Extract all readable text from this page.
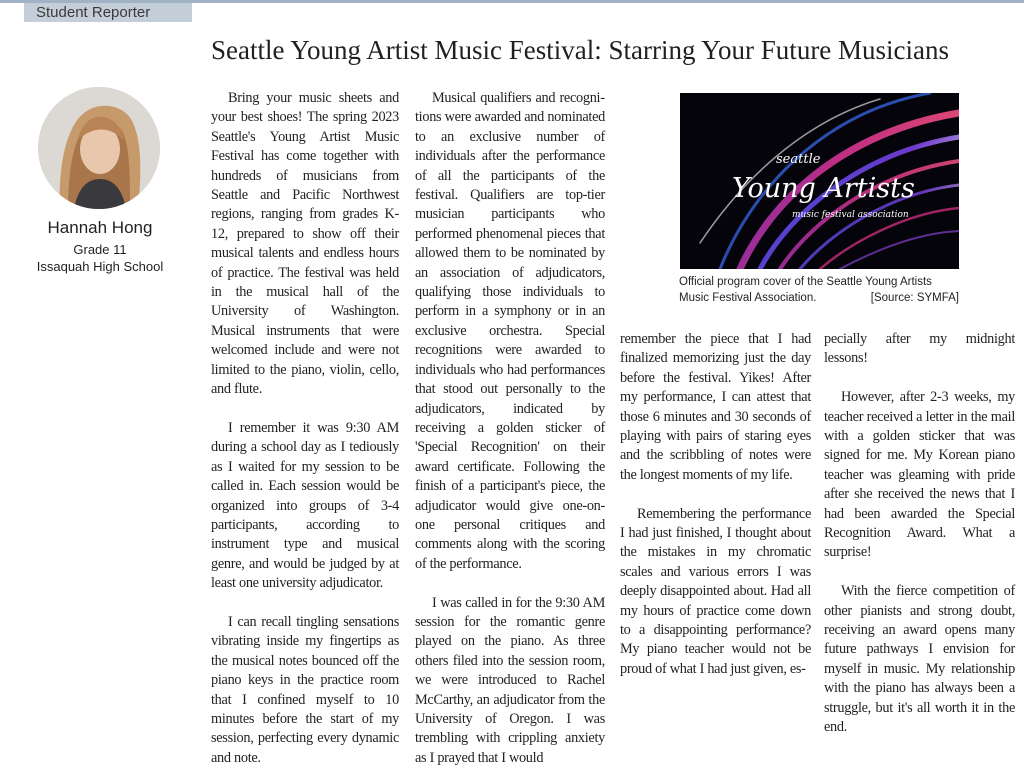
Student Reporter
Seattle Young Artist Music Festival: Starring Your Future Musicians
Hannah Hong
Grade 11
Issaquah High School

Bring your music sheets and your best shoes! The spring 2023 Seattle's Young Artist Music Festival has come together with hundreds of musicians from Seattle and Pacific Northwest regions, ranging from grades K-12, prepared to show off their musical talents and endless hours of practice. The festival was held in the musical hall of the University of Washington. Musical instruments that were welcomed include and were not limited to the piano, violin, cello, and flute.

I remember it was 9:30 AM during a school day as I tediously as I waited for my session to be called in. Each session would be organized into groups of 3-4 participants, according to instrument type and musical genre, and would be judged by at least one university adjudicator.

I can recall tingling sensations vibrating inside my fingertips as the musical notes bounced off the piano keys in the practice room that I confined myself to 10 minutes before the start of my session, perfecting every dynamic and note.

Musical qualifiers and recognitions were awarded and nominated to an exclusive number of individuals after the performance of all the participants of the festival. Qualifiers are top-tier musician participants who performed phenomenal pieces that allowed them to be nominated by an association of adjudicators, qualifying those individuals to perform in a symphony or in an exclusive orchestra. Special recognitions were awarded to individuals who had performances that stood out personally to the adjudicators, indicated by receiving a golden sticker of 'Special Recognition' on their award certificate. Following the finish of a participant's piece, the adjudicator would give one-on-one personal critiques and comments along with the scoring of the performance.

I was called in for the 9:30 AM session for the romantic genre played on the piano. As three others filed into the session room, we were introduced to Rachel McCarthy, an adjudicator from the University of Oregon. I was trembling with crippling anxiety as I prayed that I would

seattle
Young Artists
music festival association
Official program cover of the Seattle Young Artists Music Festival Association.	[Source: SYMFA]

remember the piece that I had finalized memorizing just the day before the festival. Yikes! After my performance, I can attest that those 6 minutes and 30 seconds of playing with pairs of staring eyes and the scribbling of notes were the longest moments of my life.

Remembering the performance I had just finished, I thought about the mistakes in my chromatic scales and various errors I was deeply disappointed about. Had all my hours of practice come down to a disappointing performance? My piano teacher would not be proud of what I had just given, es-

pecially after my midnight lessons!

However, after 2-3 weeks, my teacher received a letter in the mail with a golden sticker that was signed for me. My Korean piano teacher was gleaming with pride after she received the news that I had been awarded the Special Recognition Award. What a surprise!

With the fierce competition of other pianists and strong doubt, receiving an award opens many future pathways I envision for myself in music. My relationship with the piano has always been a struggle, but it's all worth it in the end.
